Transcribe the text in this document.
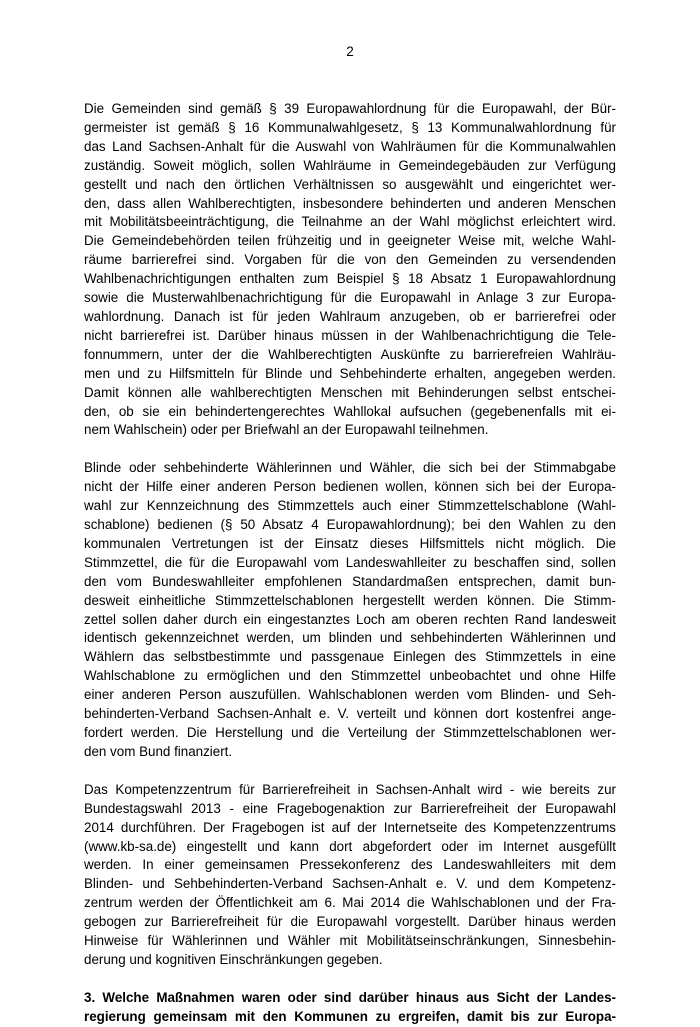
2

Die Gemeinden sind gemäß § 39 Europawahlordnung für die Europawahl, der Bür-
germeister ist gemäß § 16 Kommunalwahlgesetz, § 13 Kommunalwahlordnung für
das Land Sachsen-Anhalt für die Auswahl von Wahlräumen für die Kommunalwahlen
zuständig. Soweit möglich, sollen Wahlräume in Gemeindegebäuden zur Verfügung
gestellt und nach den örtlichen Verhältnissen so ausgewählt und eingerichtet wer-
den, dass allen Wahlberechtigten, insbesondere behinderten und anderen Menschen
mit Mobilitätsbeeinträchtigung, die Teilnahme an der Wahl möglichst erleichtert wird.
Die Gemeindebehörden teilen frühzeitig und in geeigneter Weise mit, welche Wahl-
räume barrierefrei sind. Vorgaben für die von den Gemeinden zu versendenden
Wahlbenachrichtigungen enthalten zum Beispiel § 18 Absatz 1 Europawahlordnung
sowie die Musterwahlbenachrichtigung für die Europawahl in Anlage 3 zur Europa-
wahlordnung. Danach ist für jeden Wahlraum anzugeben, ob er barrierefrei oder
nicht barrierefrei ist. Darüber hinaus müssen in der Wahlbenachrichtigung die Tele-
fonnummern, unter der die Wahlberechtigten Auskünfte zu barrierefreien Wahlräu-
men und zu Hilfsmitteln für Blinde und Sehbehinderte erhalten, angegeben werden.
Damit können alle wahlberechtigten Menschen mit Behinderungen selbst entschei-
den, ob sie ein behindertengerechtes Wahllokal aufsuchen (gegebenenfalls mit ei-
nem Wahlschein) oder per Briefwahl an der Europawahl teilnehmen.

Blinde oder sehbehinderte Wählerinnen und Wähler, die sich bei der Stimmabgabe
nicht der Hilfe einer anderen Person bedienen wollen, können sich bei der Europa-
wahl zur Kennzeichnung des Stimmzettels auch einer Stimmzettelschablone (Wahl-
schablone) bedienen (§ 50 Absatz 4 Europawahlordnung); bei den Wahlen zu den
kommunalen Vertretungen ist der Einsatz dieses Hilfsmittels nicht möglich. Die
Stimmzettel, die für die Europawahl vom Landeswahlleiter zu beschaffen sind, sollen
den vom Bundeswahlleiter empfohlenen Standardmaßen entsprechen, damit bun-
desweit einheitliche Stimmzettelschablonen hergestellt werden können. Die Stimm-
zettel sollen daher durch ein eingestanztes Loch am oberen rechten Rand landesweit
identisch gekennzeichnet werden, um blinden und sehbehinderten Wählerinnen und
Wählern das selbstbestimmte und passgenaue Einlegen des Stimmzettels in eine
Wahlschablone zu ermöglichen und den Stimmzettel unbeobachtet und ohne Hilfe
einer anderen Person auszufüllen. Wahlschablonen werden vom Blinden- und Seh-
behinderten-Verband Sachsen-Anhalt e. V. verteilt und können dort kostenfrei ange-
fordert werden. Die Herstellung und die Verteilung der Stimmzettelschablonen wer-
den vom Bund finanziert.

Das Kompetenzzentrum für Barrierefreiheit in Sachsen-Anhalt wird - wie bereits zur
Bundestagswahl 2013 - eine Fragebogenaktion zur Barrierefreiheit der Europawahl
2014 durchführen. Der Fragebogen ist auf der Internetseite des Kompetenzzentrums
(www.kb-sa.de) eingestellt und kann dort abgefordert oder im Internet ausgefüllt
werden. In einer gemeinsamen Pressekonferenz des Landeswahlleiters mit dem
Blinden- und Sehbehinderten-Verband Sachsen-Anhalt e. V. und dem Kompetenz-
zentrum werden der Öffentlichkeit am 6. Mai 2014 die Wahlschablonen und der Fra-
gebogen zur Barrierefreiheit für die Europawahl vorgestellt. Darüber hinaus werden
Hinweise für Wählerinnen und Wähler mit Mobilitätseinschränkungen, Sinnesbehin-
derung und kognitiven Einschränkungen gegeben.

3. Welche Maßnahmen waren oder sind darüber hinaus aus Sicht der Landes-
regierung gemeinsam mit den Kommunen zu ergreifen, damit bis zur Europa-
